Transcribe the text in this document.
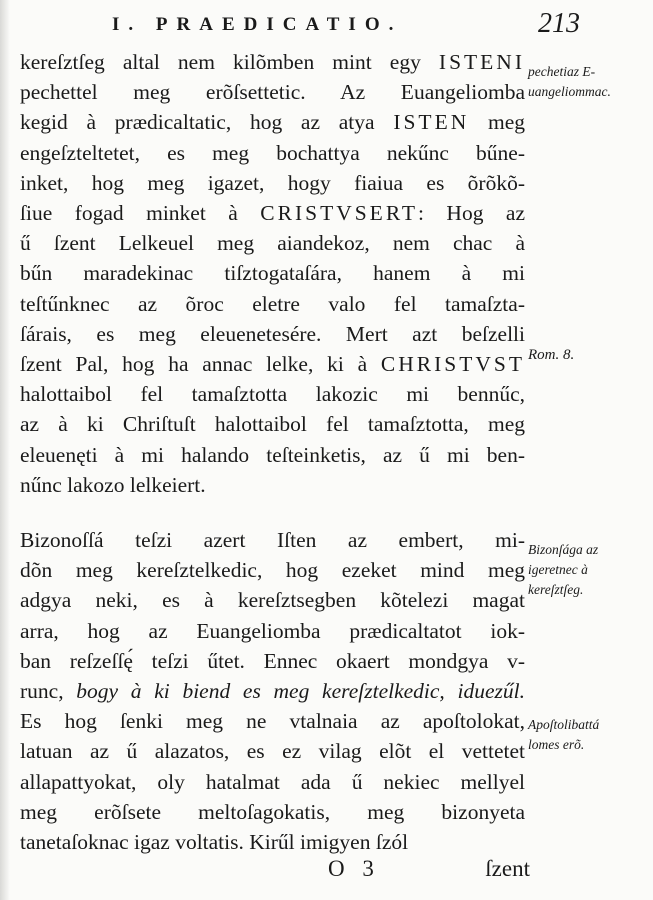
I. PRAEDICATIO.	213
kereſztſeg altal nem kilõmben mint egy ISTENI
pechettel meg erõſsettetic. Az Euangeliomba
kegid à prædicaltatic, hog az atya ISTEN meg
engeſzteltetet, es meg bochattya nekűnc bűne-
inket, hog meg igazet, hogy fiaiua es õrõkõ-
ſiue fogad minket à CRISTVSERT: Hog az
ű ſzent Lelkeuel meg aiandekoz, nem chac à
bűn maradekinac tiſztogataſára, hanem à mi
teſtűnknec az õroc eletre valo fel tamaſzta-
ſárais, es meg eleuenetesére. Mert azt beſzelli
ſzent Pal, hog ha annac lelke, ki à CHRISTVST
halottaibol fel tamaſztotta lakozic mi bennűc,
az à ki Chriſtuſt halottaibol fel tamaſztotta, meg
eleuenęti à mi halando teſteinketis, az ű mi ben-
nűnc lakozo lelkeiert.
Bizonoſſá teſzi azert Iſten az embert, mi-
dõn meg kereſztelkedic, hog ezeket mind meg
adgya neki, es à kereſztsegben kõtelezi magat
arra, hog az Euangeliomba prædicaltatot iok-
ban reſzeſſę́ teſzi űtet. Ennec okaert mondgya v-
runc, bogy à ki biend es meg kereſztelkedic, iduezűl.
Es hog ſenki meg ne vtalnaia az apoſtolokat,
latuan az ű alazatos, es ez vilag elõt el vettetet
allapattyokat, oly hatalmat ada ű nekiec mellyel
meg erõſsete meltoſagokatis, meg bizonyeta
tanetaſoknac igaz voltatis. Kirűl imigyen ſzól
pechetiaz E-
uangeliommac.
Rom. 8.
Bizonſága az
igeretnec à
kereſztſeg.
Apoſtolibattá
lomes erõ.
O 3	ſzent
